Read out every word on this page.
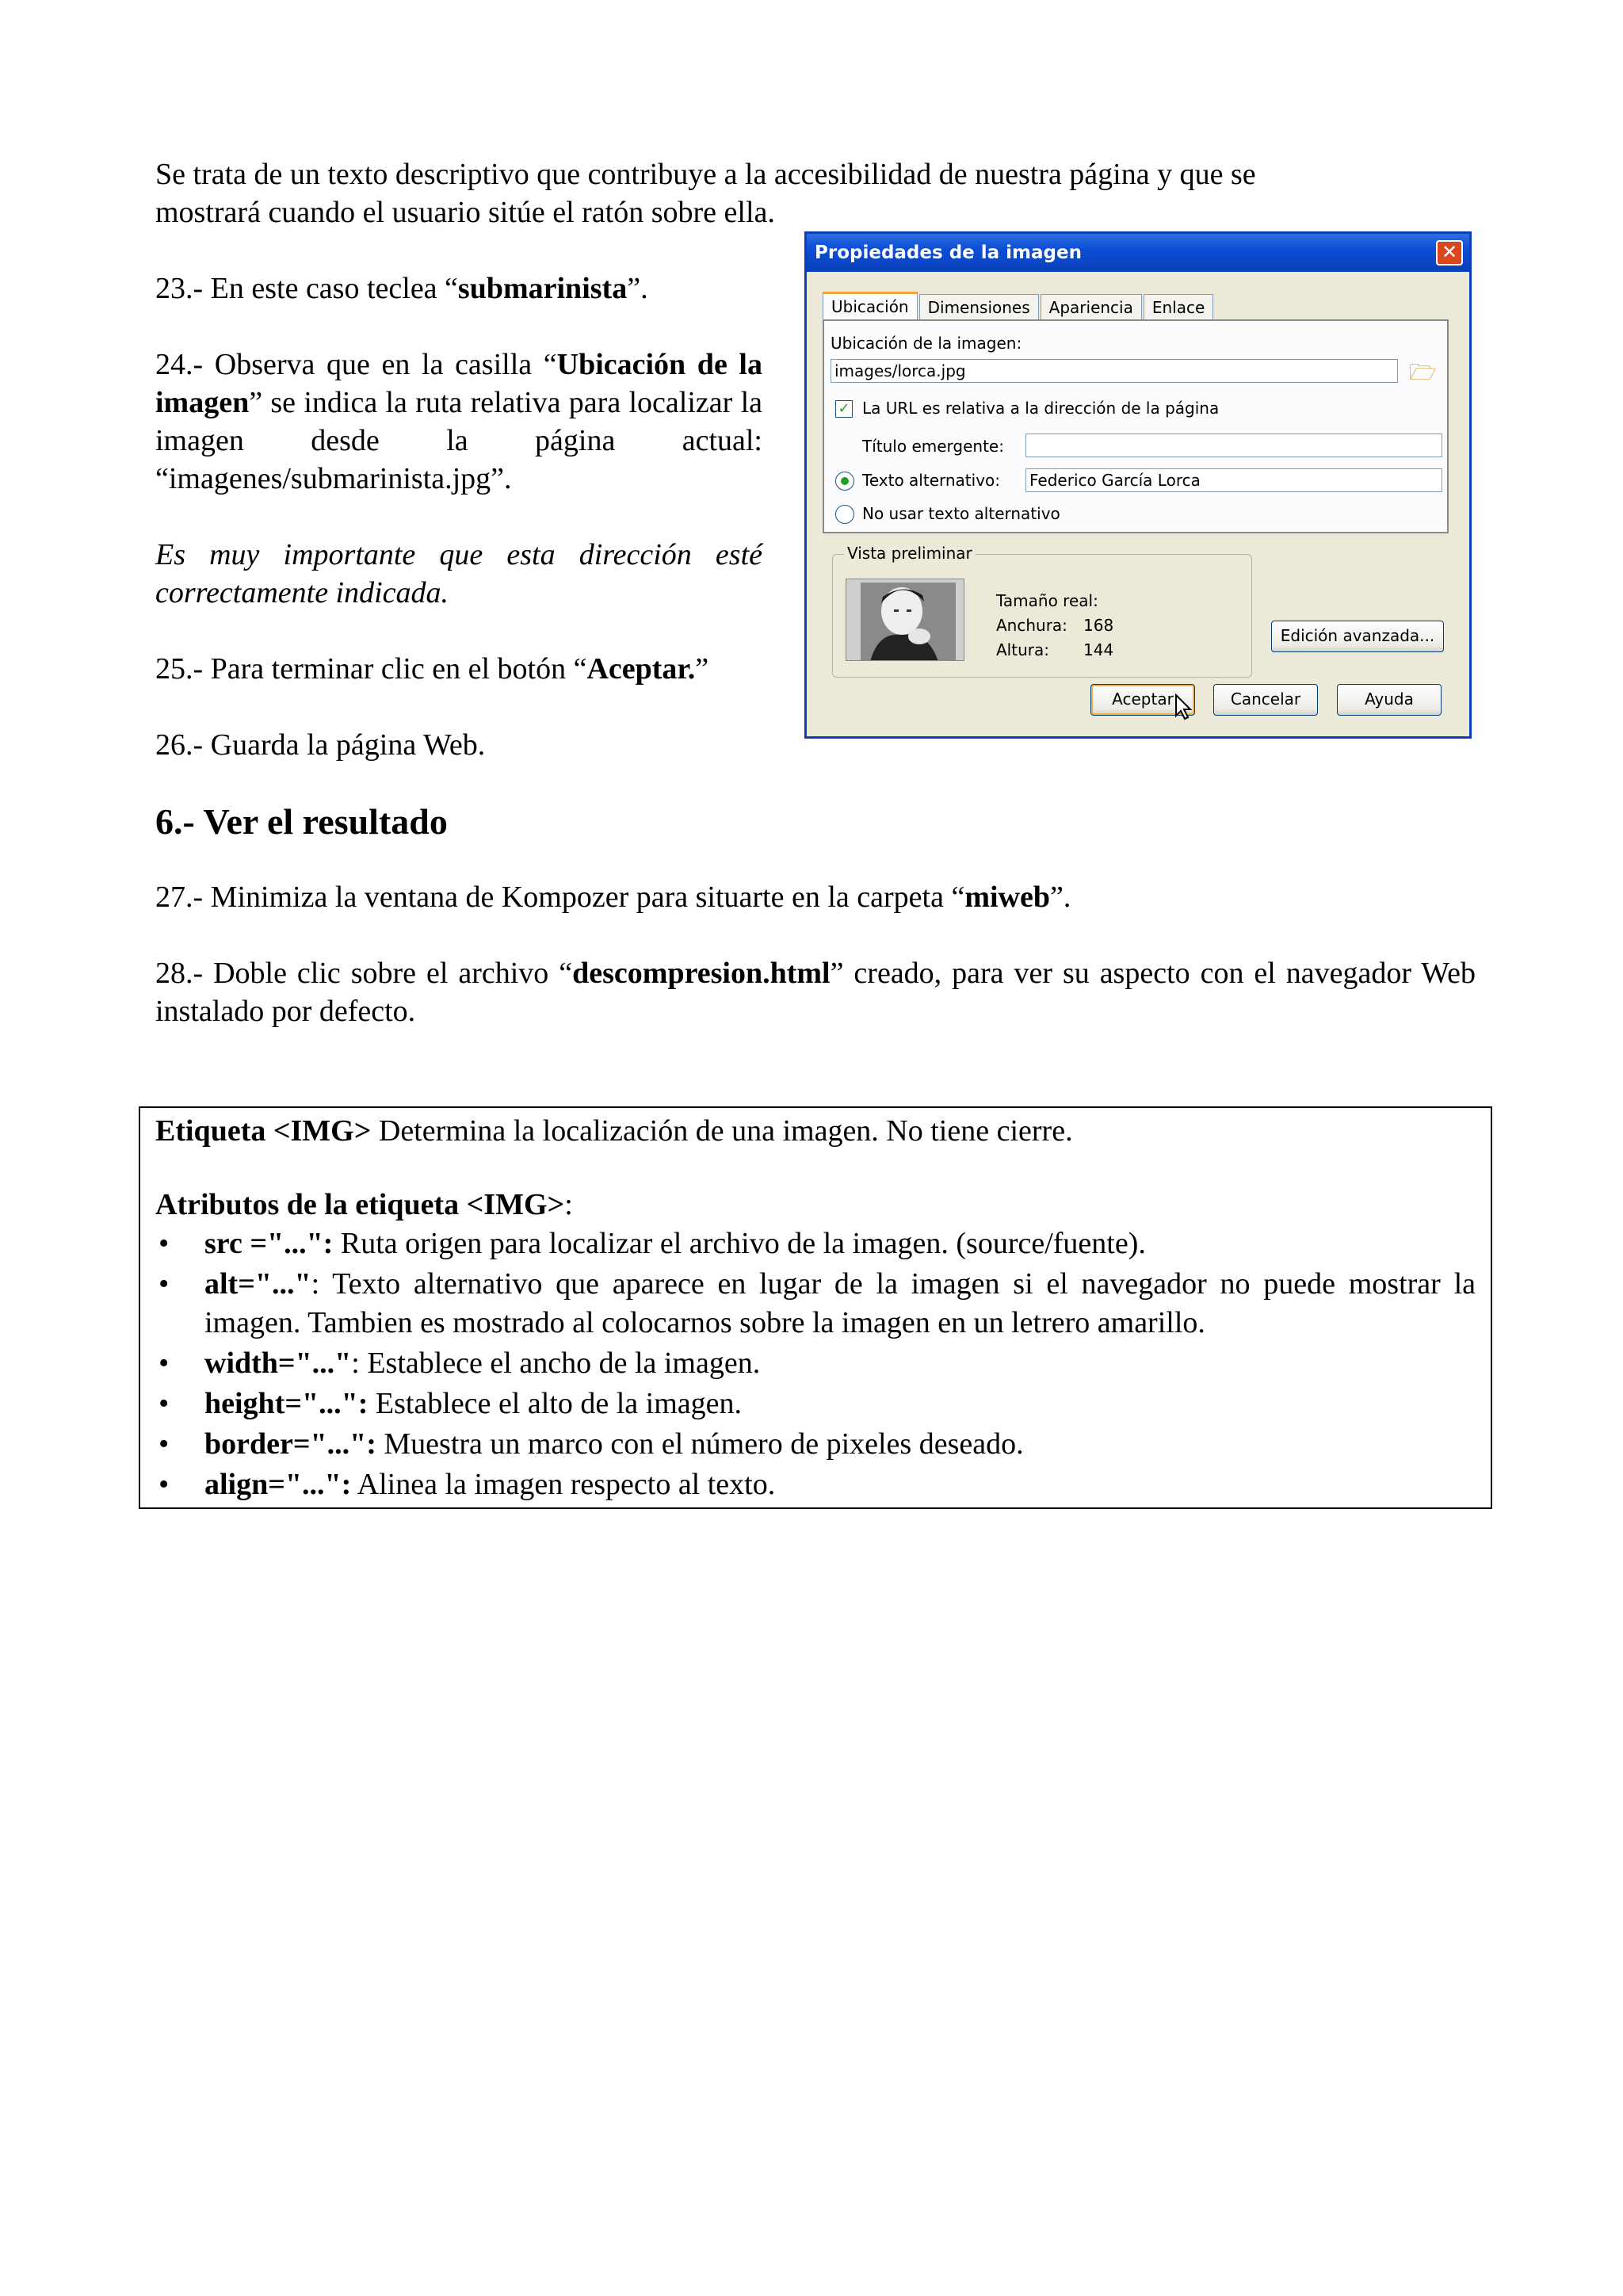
Se trata de un texto descriptivo que contribuye a la accesibilidad de nuestra página y que se

mostrará cuando el usuario sitúe el ratón sobre ella.

23.- En este caso teclea “submarinista”.

24.- Observa que en la casilla “Ubicación de la imagen” se indica la ruta relativa para localizar la imagen desde la página actual: “imagenes/submarinista.jpg”.

Es muy importante que esta dirección esté correctamente indicada.

25.- Para terminar clic en el botón “Aceptar.”

26.- Guarda la página Web.

Propiedades de la imagen	✕
Ubicación	Dimensiones	Apariencia	Enlace
Ubicación de la imagen:
images/lorca.jpg	🗁
✓ La URL es relativa a la dirección de la página
Título emergente:
Texto alternativo: Federico García Lorca
No usar texto alternativo
Vista preliminar
Tamaño real:
Anchura: 168
Altura: 144
Edición avanzada...
Aceptar	Cancelar	Ayuda
6.- Ver el resultado

27.- Minimiza la ventana de Kompozer para situarte en la carpeta “miweb”.

28.- Doble clic sobre el archivo “descompresion.html” creado, para ver su aspecto con el navegador Web instalado por defecto.

Etiqueta <IMG> Determina la localización de una imagen. No tiene cierre.

Atributos de la etiqueta <IMG>:

• src ="...": Ruta origen para localizar el archivo de la imagen. (source/fuente).
• alt="...": Texto alternativo que aparece en lugar de la imagen si el navegador no puede mostrar la imagen. Tambien es mostrado al colocarnos sobre la imagen en un letrero amarillo.
• width="...": Establece el ancho de la imagen.
• height="...": Establece el alto de la imagen.
• border="...": Muestra un marco con el número de pixeles deseado.
• align="...": Alinea la imagen respecto al texto.
